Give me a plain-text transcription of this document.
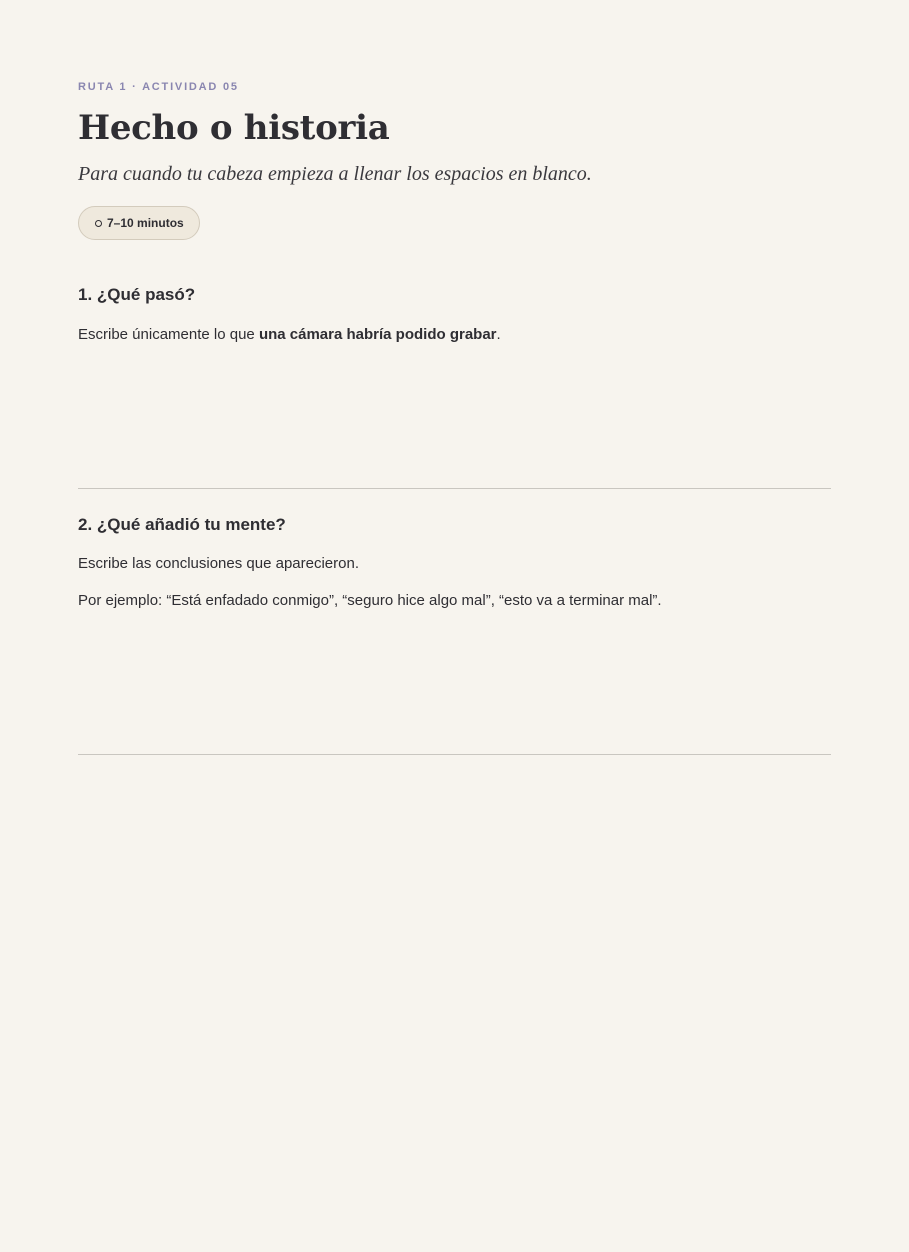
RUTA 1 · ACTIVIDAD 05
Hecho o historia
Para cuando tu cabeza empieza a llenar los espacios en blanco.
7–10 minutos
1. ¿Qué pasó?

Escribe únicamente lo que una cámara habría podido grabar.

2. ¿Qué añadió tu mente?

Escribe las conclusiones que aparecieron.

Por ejemplo: “Está enfadado conmigo”, “seguro hice algo mal”, “esto va a terminar mal”.
